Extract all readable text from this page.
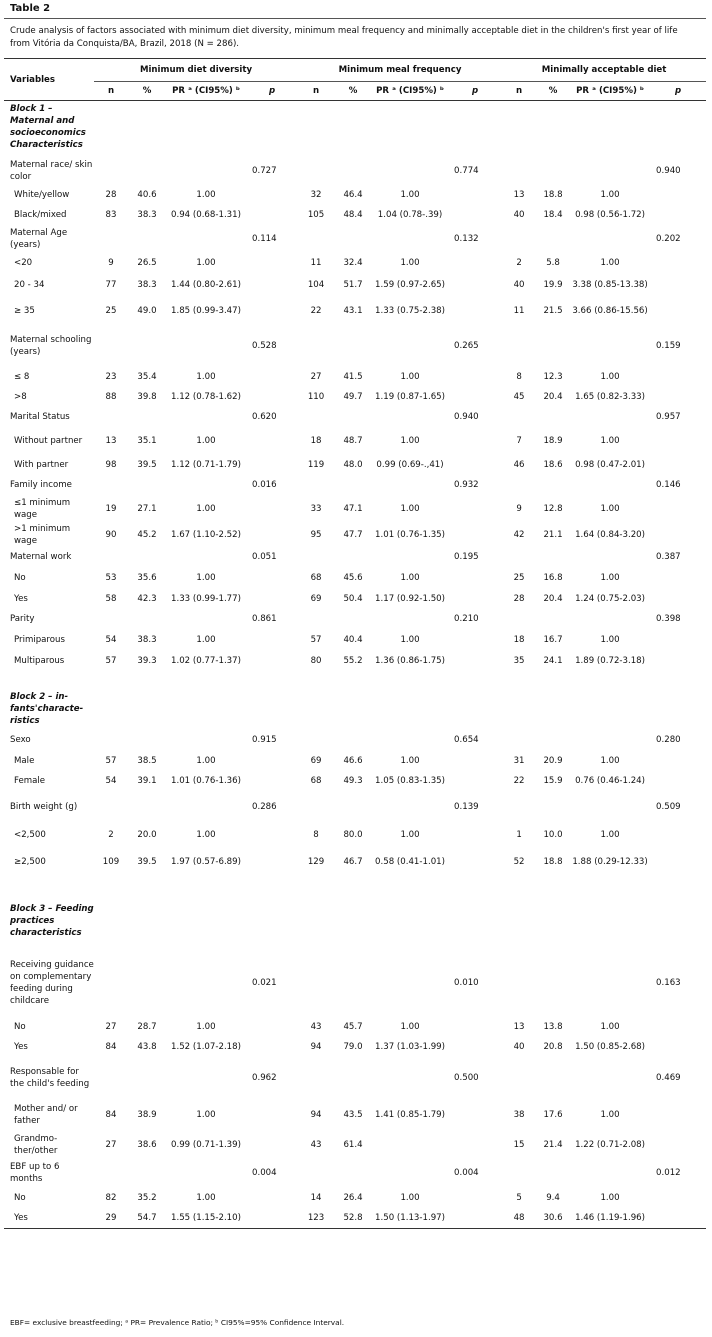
Table 2
Crude analysis of factors associated with minimum diet diversity, minimum meal frequency and minimally acceptable diet in the children's first year of life from Vitória da Conquista/BA, Brazil, 2018 (N = 286).
Variables	Minimum diet diversity				Minimum meal frequency				Minimally acceptable diet			
	n	%	PR ᵃ (CI95%) ᵇ	p	n	%	PR ᵃ (CI95%) ᵇ	p	n	%	PR ᵃ (CI95%) ᵇ	p
Block 1 – Maternal and socioeconomics Characteristics												
Maternal race/ skin color				0.727				0.774				0.940
White/yellow	28	40.6	1.00		32	46.4	1.00		13	18.8	1.00	
Black/mixed	83	38.3	0.94 (0.68-1.31)		105	48.4	1.04 (0.78-.39)		40	18.4	0.98 (0.56-1.72)	
Maternal Age (years)				0.114				0.132				0.202
<20	9	26.5	1.00		11	32.4	1.00		2	5.8	1.00	
20 - 34	77	38.3	1.44 (0.80-2.61)		104	51.7	1.59 (0.97-2.65)		40	19.9	3.38 (0.85-13.38)	
≥ 35	25	49.0	1.85 (0.99-3.47)		22	43.1	1.33 (0.75-2.38)		11	21.5	3.66 (0.86-15.56)	
Maternal schooling (years)				0.528				0.265				0.159
≤ 8	23	35.4	1.00		27	41.5	1.00		8	12.3	1.00	
>8	88	39.8	1.12 (0.78-1.62)		110	49.7	1.19 (0.87-1.65)		45	20.4	1.65 (0.82-3.33)	
Marital Status				0.620				0.940				0.957
Without partner	13	35.1	1.00		18	48.7	1.00		7	18.9	1.00	
With partner	98	39.5	1.12 (0.71-1.79)		119	48.0	0.99 (0.69-.,41)		46	18.6	0.98 (0.47-2.01)	
Family income				0.016				0.932				0.146
≤1 minimum wage	19	27.1	1.00		33	47.1	1.00		9	12.8	1.00	
>1 minimum wage	90	45.2	1.67 (1.10-2.52)		95	47.7	1.01 (0.76-1.35)		42	21.1	1.64 (0.84-3.20)	
Maternal work				0.051				0.195				0.387
No	53	35.6	1.00		68	45.6	1.00		25	16.8	1.00	
Yes	58	42.3	1.33 (0.99-1.77)		69	50.4	1.17 (0.92-1.50)		28	20.4	1.24 (0.75-2.03)	
Parity				0.861				0.210				0.398
Primiparous	54	38.3	1.00		57	40.4	1.00		18	16.7	1.00	
Multiparous	57	39.3	1.02 (0.77-1.37)		80	55.2	1.36 (0.86-1.75)		35	24.1	1.89 (0.72-3.18)	
Block 2 – in-fants'characte-ristics												
Sexo				0.915				0.654				0.280
Male	57	38.5	1.00		69	46.6	1.00		31	20.9	1.00	
Female	54	39.1	1.01 (0.76-1.36)		68	49.3	1.05 (0.83-1.35)		22	15.9	0.76 (0.46-1.24)	
Birth weight (g)				0.286				0.139				0.509
<2,500	2	20.0	1.00		8	80.0	1.00		1	10.0	1.00	
≥2,500	109	39.5	1.97 (0.57-6.89)		129	46.7	0.58 (0.41-1.01)		52	18.8	1.88 (0.29-12.33)	
Block 3 – Feeding practices characteristics												
Receiving guidance on complementary feeding during childcare				0.021				0.010				0.163
No	27	28.7	1.00		43	45.7	1.00		13	13.8	1.00	
Yes	84	43.8	1.52 (1.07-2.18)		94	79.0	1.37 (1.03-1.99)		40	20.8	1.50 (0.85-2.68)	
Responsable for the child's feeding				0.962				0.500				0.469
Mother and/ or father	84	38.9	1.00		94	43.5	1.41 (0.85-1.79)		38	17.6	1.00	
Grandmo-ther/other	27	38.6	0.99 (0.71-1.39)		43	61.4			15	21.4	1.22 (0.71-2.08)	
EBF up to 6 months				0.004				0.004				0.012
No	82	35.2	1.00		14	26.4	1.00		5	9.4	1.00	
Yes	29	54.7	1.55 (1.15-2.10)		123	52.8	1.50 (1.13-1.97)		48	30.6	1.46 (1.19-1.96)	
EBF= exclusive breastfeeding; ᵃ PR= Prevalence Ratio; ᵇ CI95%=95% Confidence Interval.
